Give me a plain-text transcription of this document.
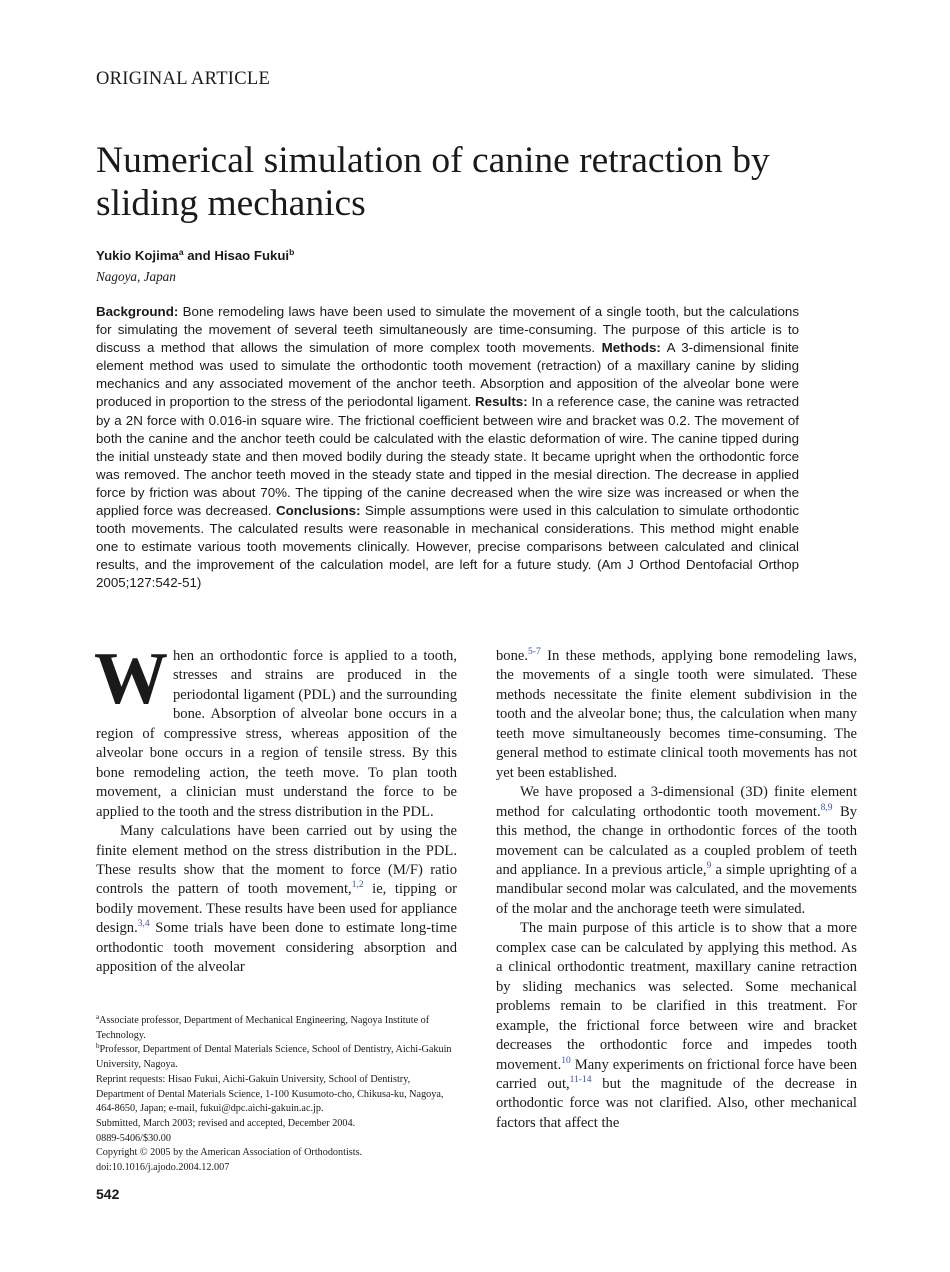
ORIGINAL ARTICLE
Numerical simulation of canine retraction by sliding mechanics
Yukio Kojima$^a$ and Hisao Fukui$^b$
Nagoya, Japan

Background: Bone remodeling laws have been used to simulate the movement of a single tooth, but the calculations for simulating the movement of several teeth simultaneously are time-consuming. The purpose of this article is to discuss a method that allows the simulation of more complex tooth movements. Methods: A 3-dimensional finite element method was used to simulate the orthodontic tooth movement (retraction) of a maxillary canine by sliding mechanics and any associated movement of the anchor teeth. Absorption and apposition of the alveolar bone were produced in proportion to the stress of the periodontal ligament. Results: In a reference case, the canine was retracted by a 2N force with 0.016-in square wire. The frictional coefficient between wire and bracket was 0.2. The movement of both the canine and the anchor teeth could be calculated with the elastic deformation of wire. The canine tipped during the initial unsteady state and then moved bodily during the steady state. It became upright when the orthodontic force was removed. The anchor teeth moved in the steady state and tipped in the mesial direction. The decrease in applied force by friction was about 70%. The tipping of the canine decreased when the wire size was increased or when the applied force was decreased. Conclusions: Simple assumptions were used in this calculation to simulate orthodontic tooth movements. The calculated results were reasonable in mechanical considerations. This method might enable one to estimate various tooth movements clinically. However, precise comparisons between calculated and clinical results, and the improvement of the calculation model, are left for a future study. (Am J Orthod Dentofacial Orthop 2005;127:542-51)

When an orthodontic force is applied to a tooth, stresses and strains are produced in the periodontal ligament (PDL) and the surrounding bone. Absorption of alveolar bone occurs in a region of compressive stress, whereas apposition of the alveolar bone occurs in a region of tensile stress. By this bone remodeling action, the teeth move. To plan tooth movement, a clinician must understand the force to be applied to the tooth and the stress distribution in the PDL.

Many calculations have been carried out by using the finite element method on the stress distribution in the PDL. These results show that the moment to force (M/F) ratio controls the pattern of tooth movement,$^{1,2}$ ie, tipping or bodily movement. These results have been used for appliance design.$^{3,4}$ Some trials have been done to estimate long-time orthodontic tooth movement considering absorption and apposition of the alveolar

bone.$^{5-7}$ In these methods, applying bone remodeling laws, the movements of a single tooth were simulated. These methods necessitate the finite element subdivision in the tooth and the alveolar bone; thus, the calculation when many teeth move simultaneously becomes time-consuming. The general method to estimate clinical tooth movements has not yet been established.

We have proposed a 3-dimensional (3D) finite element method for calculating orthodontic tooth movement.$^{8,9}$ By this method, the change in orthodontic forces of the tooth movement can be calculated as a coupled problem of teeth and appliance. In a previous article,$^9$ a simple uprighting of a mandibular second molar was calculated, and the movements of the molar and the anchorage teeth were simulated.

The main purpose of this article is to show that a more complex case can be calculated by applying this method. As a clinical orthodontic treatment, maxillary canine retraction by sliding mechanics was selected. Some mechanical problems remain to be clarified in this treatment. For example, the frictional force between wire and bracket decreases the orthodontic force and impedes tooth movement.$^{10}$ Many experiments on frictional force have been carried out,$^{11-14}$ but the magnitude of the decrease in orthodontic force was not clarified. Also, other mechanical factors that affect the

$^a$Associate professor, Department of Mechanical Engineering, Nagoya Institute of Technology.
$^b$Professor, Department of Dental Materials Science, School of Dentistry, Aichi-Gakuin University, Nagoya.
Reprint requests: Hisao Fukui, Aichi-Gakuin University, School of Dentistry, Department of Dental Materials Science, 1-100 Kusumoto-cho, Chikusa-ku, Nagoya, 464-8650, Japan; e-mail, fukui@dpc.aichi-gakuin.ac.jp.
Submitted, March 2003; revised and accepted, December 2004.
0889-5406/$30.00
Copyright © 2005 by the American Association of Orthodontists.
doi:10.1016/j.ajodo.2004.12.007
542
